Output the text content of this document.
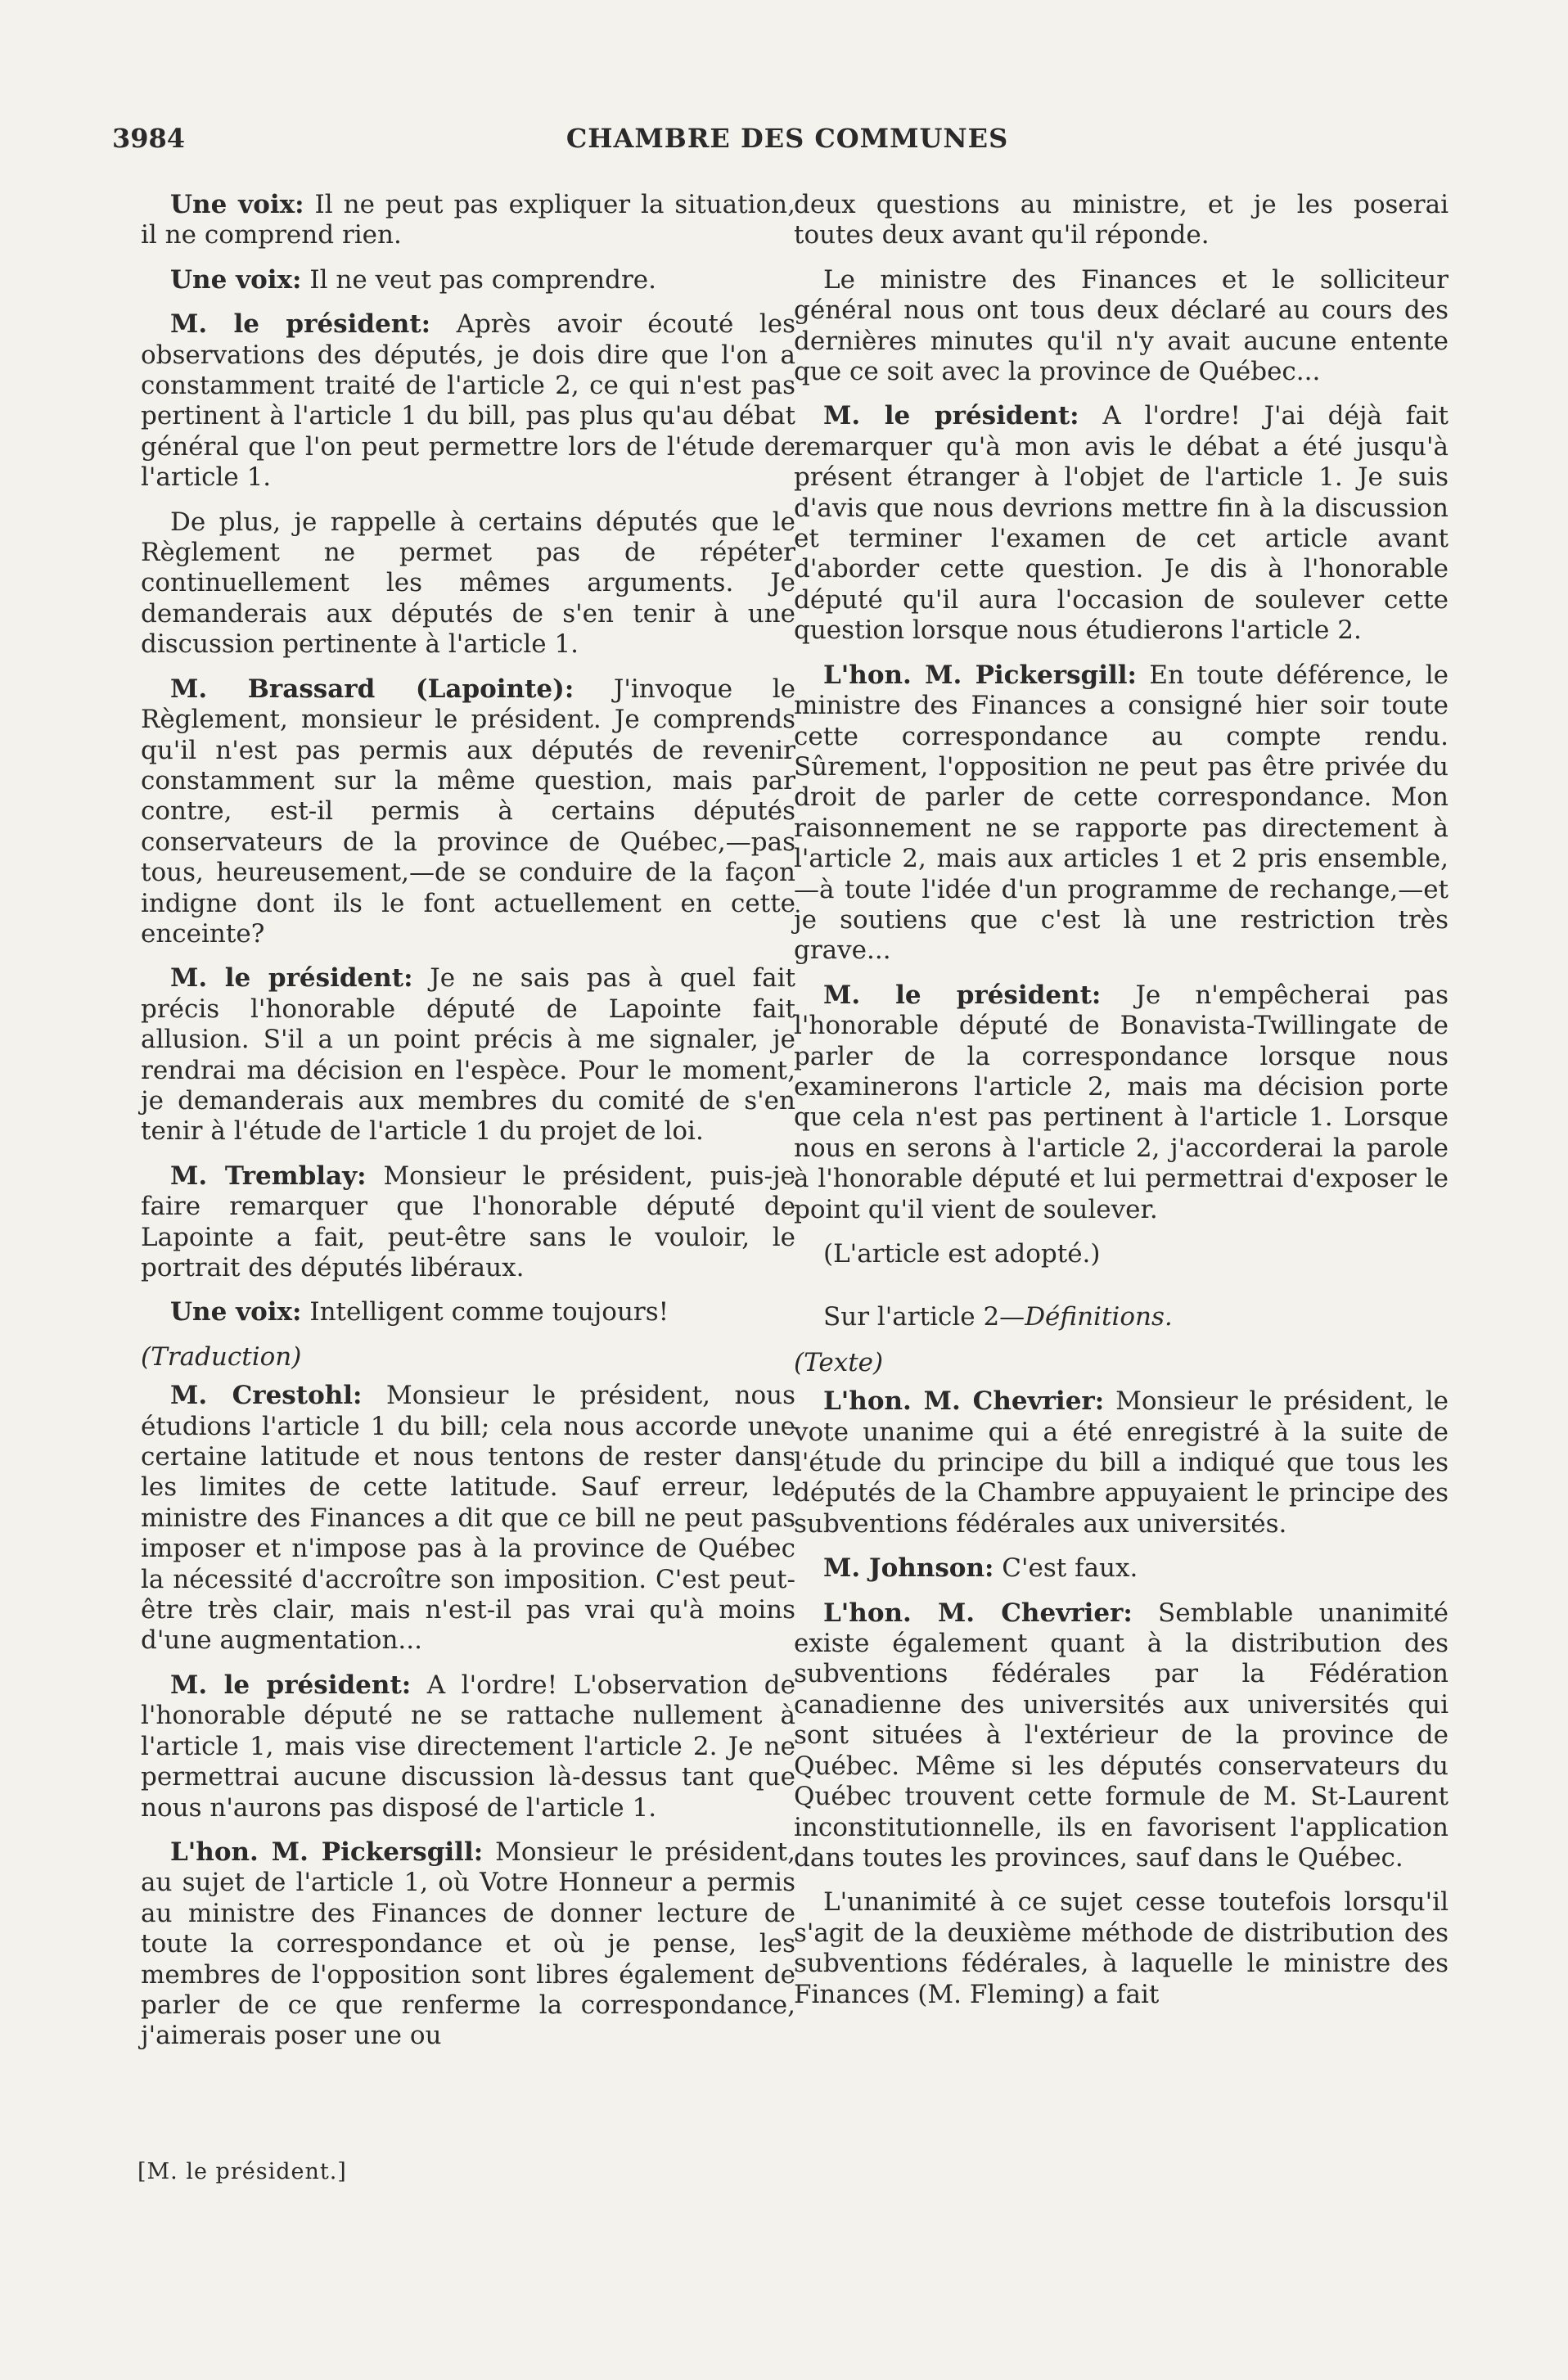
3984	CHAMBRE DES COMMUNES

Une voix: Il ne peut pas expliquer la situation, il ne comprend rien.

Une voix: Il ne veut pas comprendre.

M. le président: Après avoir écouté les observations des députés, je dois dire que l'on a constamment traité de l'article 2, ce qui n'est pas pertinent à l'article 1 du bill, pas plus qu'au débat général que l'on peut permettre lors de l'étude de l'article 1.

De plus, je rappelle à certains députés que le Règlement ne permet pas de répéter continuellement les mêmes arguments. Je demanderais aux députés de s'en tenir à une discussion pertinente à l'article 1.

M. Brassard (Lapointe): J'invoque le Règlement, monsieur le président. Je comprends qu'il n'est pas permis aux députés de revenir constamment sur la même question, mais par contre, est-il permis à certains députés conservateurs de la province de Québec,—pas tous, heureusement,—de se conduire de la façon indigne dont ils le font actuellement en cette enceinte?

M. le président: Je ne sais pas à quel fait précis l'honorable député de Lapointe fait allusion. S'il a un point précis à me signaler, je rendrai ma décision en l'espèce. Pour le moment, je demanderais aux membres du comité de s'en tenir à l'étude de l'article 1 du projet de loi.

M. Tremblay: Monsieur le président, puis-je faire remarquer que l'honorable député de Lapointe a fait, peut-être sans le vouloir, le portrait des députés libéraux.

Une voix: Intelligent comme toujours!

(Traduction)

M. Crestohl: Monsieur le président, nous étudions l'article 1 du bill; cela nous accorde une certaine latitude et nous tentons de rester dans les limites de cette latitude. Sauf erreur, le ministre des Finances a dit que ce bill ne peut pas imposer et n'impose pas à la province de Québec la nécessité d'accroître son imposition. C'est peut-être très clair, mais n'est-il pas vrai qu'à moins d'une augmentation...

M. le président: A l'ordre! L'observation de l'honorable député ne se rattache nullement à l'article 1, mais vise directement l'article 2. Je ne permettrai aucune discussion là-dessus tant que nous n'aurons pas disposé de l'article 1.

L'hon. M. Pickersgill: Monsieur le président, au sujet de l'article 1, où Votre Honneur a permis au ministre des Finances de donner lecture de toute la correspondance et où je pense, les membres de l'opposition sont libres également de parler de ce que renferme la correspondance, j'aimerais poser une ou

deux questions au ministre, et je les poserai toutes deux avant qu'il réponde.

Le ministre des Finances et le solliciteur général nous ont tous deux déclaré au cours des dernières minutes qu'il n'y avait aucune entente que ce soit avec la province de Québec...

M. le président: A l'ordre! J'ai déjà fait remarquer qu'à mon avis le débat a été jusqu'à présent étranger à l'objet de l'article 1. Je suis d'avis que nous devrions mettre fin à la discussion et terminer l'examen de cet article avant d'aborder cette question. Je dis à l'honorable député qu'il aura l'occasion de soulever cette question lorsque nous étudierons l'article 2.

L'hon. M. Pickersgill: En toute déférence, le ministre des Finances a consigné hier soir toute cette correspondance au compte rendu. Sûrement, l'opposition ne peut pas être privée du droit de parler de cette correspondance. Mon raisonnement ne se rapporte pas directement à l'article 2, mais aux articles 1 et 2 pris ensemble,—à toute l'idée d'un programme de rechange,—et je soutiens que c'est là une restriction très grave...

M. le président: Je n'empêcherai pas l'honorable député de Bonavista-Twillingate de parler de la correspondance lorsque nous examinerons l'article 2, mais ma décision porte que cela n'est pas pertinent à l'article 1. Lorsque nous en serons à l'article 2, j'accorderai la parole à l'honorable député et lui permettrai d'exposer le point qu'il vient de soulever.

(L'article est adopté.)

Sur l'article 2—Définitions.

(Texte)

L'hon. M. Chevrier: Monsieur le président, le vote unanime qui a été enregistré à la suite de l'étude du principe du bill a indiqué que tous les députés de la Chambre appuyaient le principe des subventions fédérales aux universités.

M. Johnson: C'est faux.

L'hon. M. Chevrier: Semblable unanimité existe également quant à la distribution des subventions fédérales par la Fédération canadienne des universités aux universités qui sont situées à l'extérieur de la province de Québec. Même si les députés conservateurs du Québec trouvent cette formule de M. St-Laurent inconstitutionnelle, ils en favorisent l'application dans toutes les provinces, sauf dans le Québec.

L'unanimité à ce sujet cesse toutefois lorsqu'il s'agit de la deuxième méthode de distribution des subventions fédérales, à laquelle le ministre des Finances (M. Fleming) a fait

[M. le président.]
